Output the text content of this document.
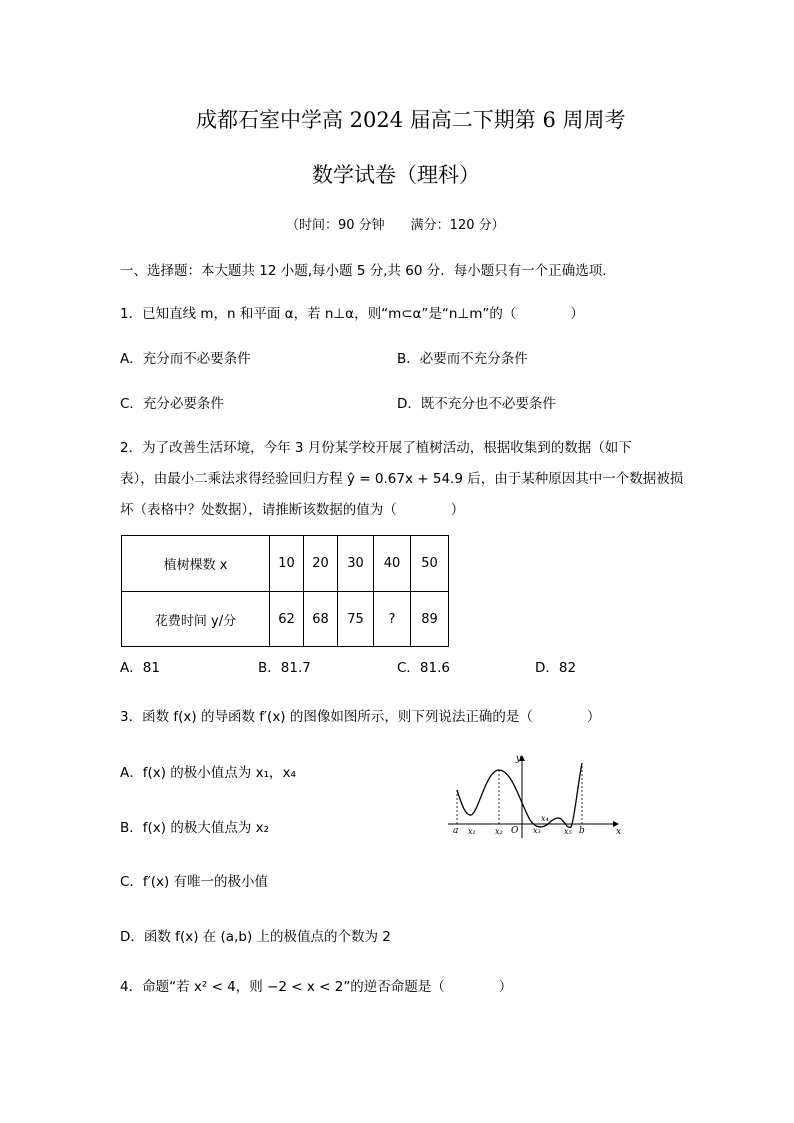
成都石室中学高 2024 届高二下期第 6 周周考
数学试卷（理科）
（时间：90 分钟　　满分：120 分）
一、选择题：本大题共 12 小题,每小题 5 分,共 60 分．每小题只有一个正确选项．
1．已知直线 m，n 和平面 α，若 n⊥α，则“m⊂α”是“n⊥m”的（　　　　）
A．充分而不必要条件	B．必要而不充分条件
C．充分必要条件	D．既不充分也不必要条件
2．为了改善生活环境，今年 3 月份某学校开展了植树活动，根据收集到的数据（如下
表），由最小二乘法求得经验回归方程 ŷ = 0.67x + 54.9 后，由于某种原因其中一个数据被损
坏（表格中？处数据），请推断该数据的值为（　　　　）
植树棵数 x	10	20	30	40	50
花费时间 y/分	62	68	75	?	89
A．81	B．81.7	C．81.6	D．82
3．函数 f(x) 的导函数 f′(x) 的图像如图所示，则下列说法正确的是（　　　　）
A．f(x) 的极小值点为 x₁，x₄
B．f(x) 的极大值点为 x₂
C．f′(x) 有唯一的极小值
D．函数 f(x) 在 (a,b) 上的极值点的个数为 2
y
x
a x₁ x₂ O x₃
x₄
x₅ b
4．命题“若 x² < 4，则 −2 < x < 2”的逆否命题是（　　　　）
